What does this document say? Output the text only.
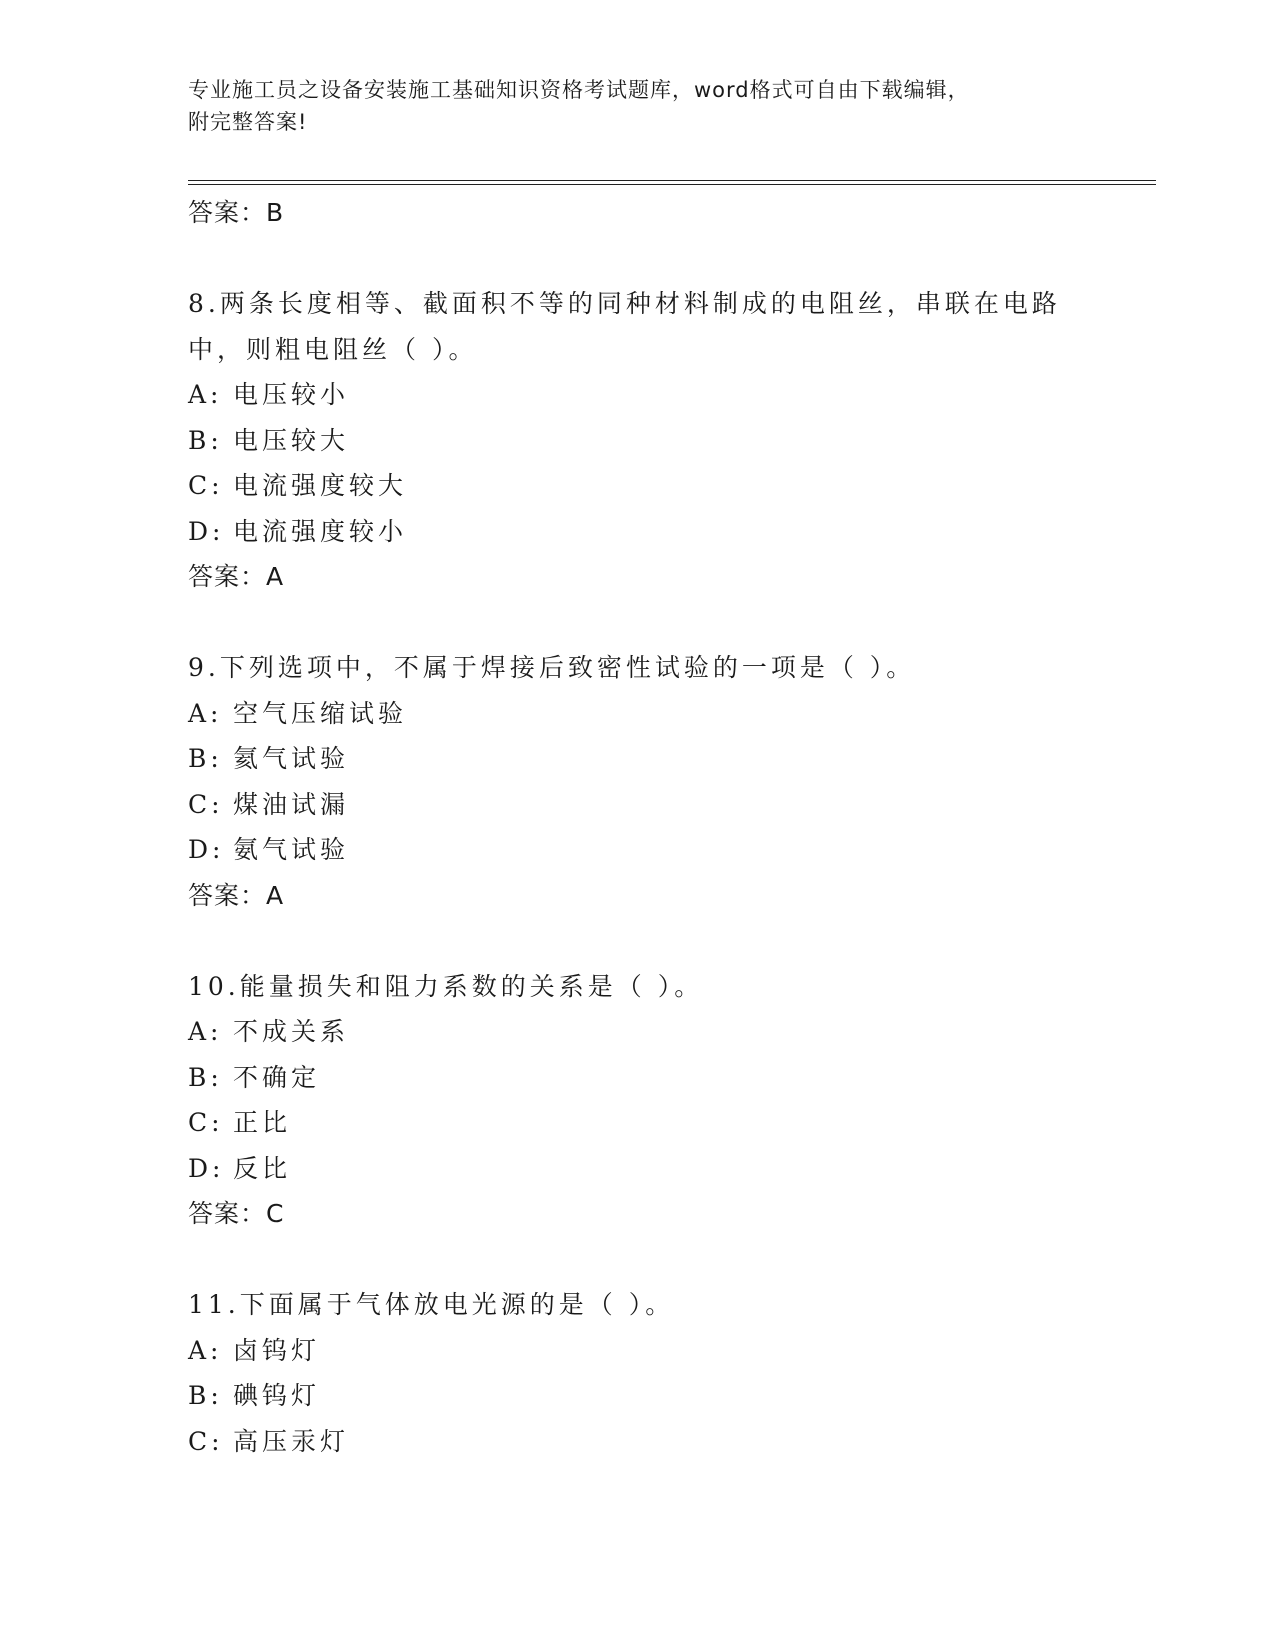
专业施工员之设备安装施工基础知识资格考试题库，word格式可自由下载编辑，
附完整答案!
答案：B
8.两条长度相等、截面积不等的同种材料制成的电阻丝，串联在电路
中，则粗电阻丝（ ）。
A: 电压较小
B: 电压较大
C: 电流强度较大
D: 电流强度较小
答案：A
9.下列选项中，不属于焊接后致密性试验的一项是（ ）。
A: 空气压缩试验
B: 氦气试验
C: 煤油试漏
D: 氨气试验
答案：A
10.能量损失和阻力系数的关系是（ ）。
A: 不成关系
B: 不确定
C: 正比
D: 反比
答案：C
11.下面属于气体放电光源的是（ ）。
A: 卤钨灯
B: 碘钨灯
C: 高压汞灯
